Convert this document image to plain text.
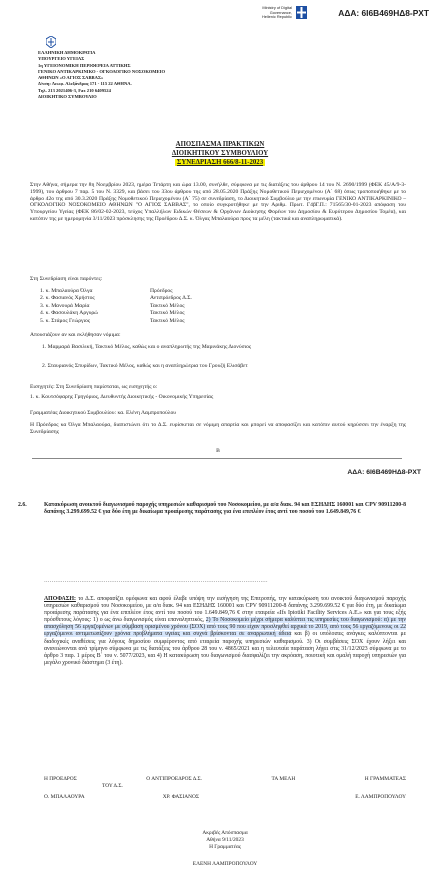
Ministry of Digital
Governance,
Hellenic Republic	ΑΔΑ: 6Ι6Β469ΗΔ8-ΡΧΤ
ΕΛΛΗΝΙΚΗ ΔΗΜΟΚΡΑΤΙΑ
ΥΠΟΥΡΓΕΙΟ ΥΓΕΙΑΣ
1η ΥΓΕΙΟΝΟΜΙΚΗ ΠΕΡΙΦΕΡΕΙΑ ΑΤΤΙΚΗΣ
ΓΕΝΙΚΟ ΑΝΤΙΚΑΡΚΙΝΙΚΟ - ΟΓΚΟΛΟΓΙΚΟ ΝΟΣΟΚΟΜΕΙΟ
ΑΘΗΝΩΝ «Ο ΑΓΙΟΣ ΣΑΒΒΑΣ»
Δ/νση: Λεωφ. Αλεξάνδρας 171 - 115 22 ΑΘΗΝΑ.
Τηλ. 213 2021406-3, Fax 210 6409524
ΔΙΟΙΚΗΤΙΚΟ ΣΥΜΒΟΥΛΙΟ
ΑΠΟΣΠΑΣΜΑ ΠΡΑΚΤΙΚΩΝ
ΔΙΟΙΚΗΤΙΚΟΥ ΣΥΜΒΟΥΛΙΟΥ
ΣΥΝΕΔΡΙΑΣΗ 666/8-11-2023
Στην Αθήνα, σήμερα την 8η Νοεμβρίου 2023, ημέρα Τετάρτη και ώρα 13.00, συνήλθε, σύμφωνα με τις διατάξεις του άρθρου 14 του Ν. 2690/1999 (ΦΕΚ 45/Α/9-3-1999), του άρθρου 7 παρ. 5 του Ν. 3329, και βάσει του 33ου άρθρου της από 28.05.2020 Πράξης Νομοθετικού Περιεχομένου (Α΄ 68) όπως τροποποιήθηκε με το άρθρο 42ο της από 30.3.2020 Πράξης Νομοθετικού Περιεχομένου (Α΄ 75) σε συνεδρίαση, το Διοικητικό Συμβούλιο με την επωνυμία ΓΕΝΙΚΟ ΑΝΤΙΚΑΡΚΙΝΙΚΟ – ΟΓΚΟΛΟΓΙΚΟ ΝΟΣΟΚΟΜΕΙΟ ΑΘΗΝΩΝ "Ο ΑΓΙΟΣ ΣΑΒΒΑΣ", το οποίο συγκροτήθηκε με την Αριθμ. Πρωτ. Γ4βΓ.Π.: 71565/30-01-2023 απόφαση του Υπουργείου Υγείας (ΦΕΚ 86/02-02-2023, τεύχος Υπαλλήλων Ειδικών Θέσεων & Οργάνων Διοίκησης Φορέων του Δημοσίου & Ευρύτερου Δημοσίου Τομέα), και κατόπιν της με ημερομηνία 3/11/2023 πρόσκλησης της Προέδρου Δ.Σ. κ. Όλγας Μπαλαούρα προς τα μέλη (τακτικά και αναπληρωματικά).
Στη Συνεδρίαση είναι παρόντες:
1. κ. Μπαλαούρα Όλγα	Πρόεδρος
2. κ. Φασιανός Χρήστος	Αντιπρόεδρος Δ.Σ.
3. κ. Μανουρά Μαρία	Τακτικό Μέλος
4. κ. Φασουλάκη Αργυρώ	Τακτικό Μέλος
5. κ. Στάμος Γεώργιος	Τακτικό Μέλος
Απουσιάζουν αν και εκλήθησαν νόμιμα:
1. Μαρμαρά Βασιλική, Τακτικό Μέλος, καθώς και ο αναπληρωτής της Μαρινάκης Διονύσιος
2. Σταυριανός Σπυρίδων, Τακτικό Μέλος, καθώς και η αναπληρώτρια του Γρουζή Ελισάβετ
Εισηγητές: Στη Συνεδρίαση παρίσταται, ως εισηγητής ο:
1. κ. Κουτσόφαρης Γρηγόριος, Διευθυντής Διοικητικής - Οικονομικής Υπηρεσίας
Γραμματέας Διοικητικού Συμβουλίου: κα. Ελένη Λαμπροπούλου
Η Πρόεδρος κα Όλγα Μπαλαούρα, διαπιστώνει ότι το Δ.Σ. ευρίσκεται σε νόμιμη απαρτία και μπορεί να αποφασίζει και κατόπιν αυτού κηρύσσει την έναρξη της Συνεδρίασης
Β
ΑΔΑ: 6Ι6Β469ΗΔ8-ΡΧΤ
2.6.	Κατακύρωση ανοικτού διαγωνισμού παροχής υπηρεσιών καθαρισμού του Νοσοκομείου, με α/α διακ. 94 και ΕΣΗΔΗΣ 160001 και CPV 90911200-8 δαπάνης 3.299.699.52 € για δύο έτη με δικαίωμα προαίρεσης παράτασης για ένα επιπλέον έτος αντί του ποσού του 1.649.849,76 €
…………………………………………………………………………………………………………
ΑΠΟΦΑΣΗ: το Δ.Σ. αποφασίζει ομόφωνα και αφού έλαβε υπόψη την εισήγηση της Επιτροπής, την κατακύρωση του ανοικτού διαγωνισμού παροχής υπηρεσιών καθαρισμού του Νοσοκομείου, με α/α διακ. 94 και ΕΣΗΔΗΣ 160001 και CPV 90911200-8 δαπάνης 3.299.699.52 € για δύο έτη, με δικαίωμα προαίρεσης παράτασης για ένα επιπλέον έτος αντί του ποσού του 1.649.849,76 € στην εταιρεία «Ifs Ipiotiki Facility Services A.E.» και για τους εξής πρόσθετους λόγους: 1) ο ως άνω διαγωνισμός είναι επαναληπτικός, 2) Το Νοσοκομείο μέχρι σήμερα καλύπτει τις υπηρεσίες του διαγωνισμού: α) με την απασχόληση 56 εργαζομένων με σύμβαση ορισμένου χρόνου (ΣΟΧ) από τους 90 που είχαν προσληφθεί αρχικά το 2019, από τους 56 εργαζόμενους οι 22 εργαζόμενοι αντιμετωπίζουν χρόνια προβλήματα υγείας και συχνά βρίσκονται σε αναρρωτική άδεια και β) οι υπόλοιπες ανάγκες καλύπτονται με διαδοχικές αναθέσεις για λόγους δημοσίου συμφέροντος από εταιρεία παροχής υπηρεσιών καθαρισμού. 3) Οι συμβάσεις ΣΟΧ έχουν λήξει και ανανεώνονται ανά τρίμηνο σύμφωνα με τις διατάξεις του άρθρου 28 του ν. 4865/2021 και η τελευταία παράταση λήγει στις 31/12/2023 σύμφωνα με το άρθρο 3 παρ. 1 μέρος Β΄ του ν. 5077/2023, και 4) Η κατακύρωση του διαγωνισμού διασφαλίζει την ακρόαση, ποιοτική και ομαλή παροχή υπηρεσιών για μεγάλο χρονικό διάστημα (3 έτη).
Η ΠΡΟΕΔΡΟΣ	Ο ΑΝΤΙΠΡΟΕΔΡΟΣ Δ.Σ.	ΤΑ ΜΕΛΗ	Η ΓΡΑΜΜΑΤΕΑΣ
ΤΟΥ Δ.Σ.
Ο. ΜΠΑΛΑΟΥΡΑ	ΧΡ. ΦΑΣΙΑΝΟΣ	Ε. ΛΑΜΠΡΟΠΟΥΛΟΥ
Ακριβές Απόσπασμα
Αθήνα 9/11/2023
Η Γραμματέας
ΕΛΕΝΗ ΛΑΜΠΡΟΠΟΥΛΟΥ
